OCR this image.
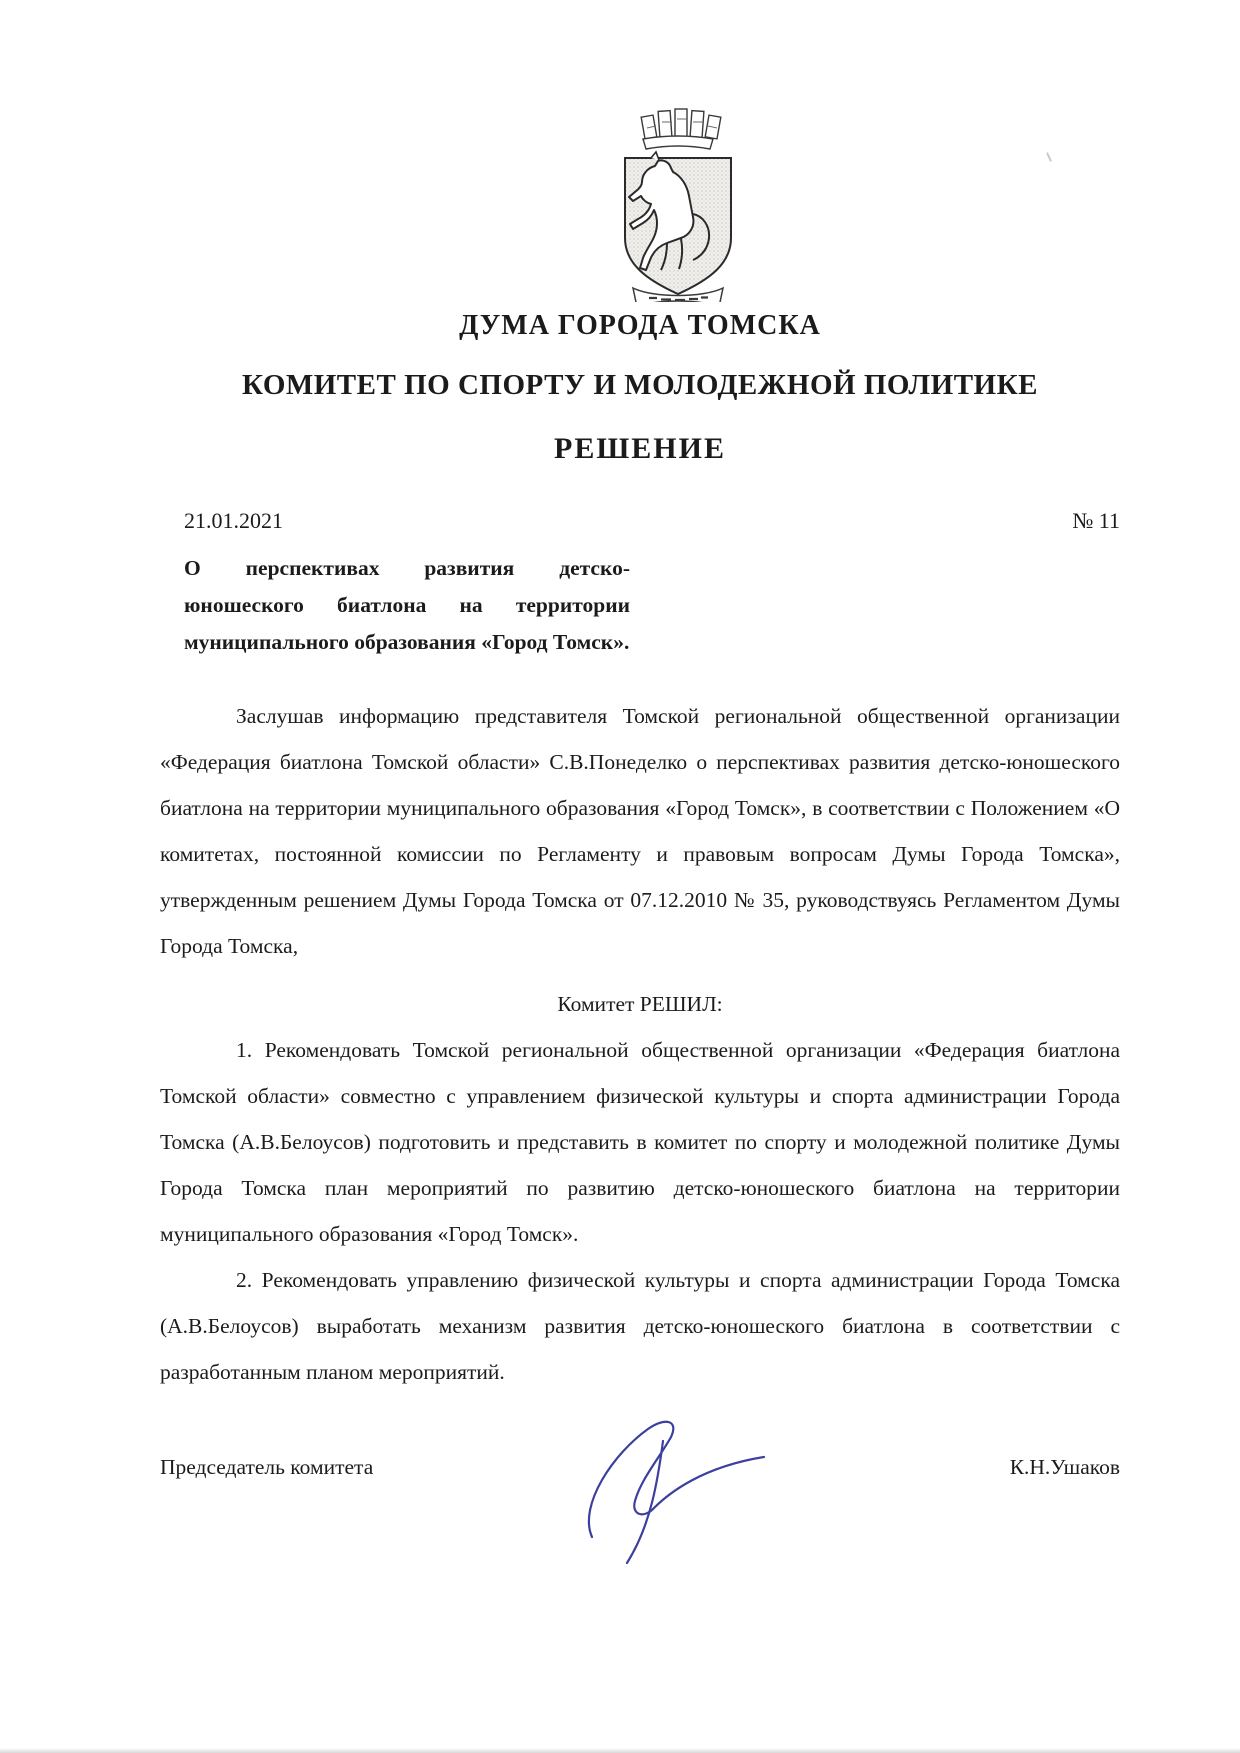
ДУМА ГОРОДА ТОМСКА
КОМИТЕТ ПО СПОРТУ И МОЛОДЕЖНОЙ ПОЛИТИКЕ
РЕШЕНИЕ
21.01.2021	№ 11
О перспективах развития детско-юношеского биатлона на территории муниципального образования «Город Томск».

Заслушав информацию представителя Томской региональной общественной организации «Федерация биатлона Томской области» С.В.Понеделко о перспективах развития детско-юношеского биатлона на территории муниципального образования «Город Томск», в соответствии с Положением «О комитетах, постоянной комиссии по Регламенту и правовым вопросам Думы Города Томска», утвержденным решением Думы Города Томска от 07.12.2010 № 35, руководствуясь Регламентом Думы Города Томска,

Комитет РЕШИЛ:

1. Рекомендовать Томской региональной общественной организации «Федерация биатлона Томской области» совместно с управлением физической культуры и спорта администрации Города Томска (А.В.Белоусов) подготовить и представить в комитет по спорту и молодежной политике Думы Города Томска план мероприятий по развитию детско-юношеского биатлона на территории муниципального образования «Город Томск».

2. Рекомендовать управлению физической культуры и спорта администрации Города Томска (А.В.Белоусов) выработать механизм развития детско-юношеского биатлона в соответствии с разработанным планом мероприятий.

Председатель комитета	К.Н.Ушаков
